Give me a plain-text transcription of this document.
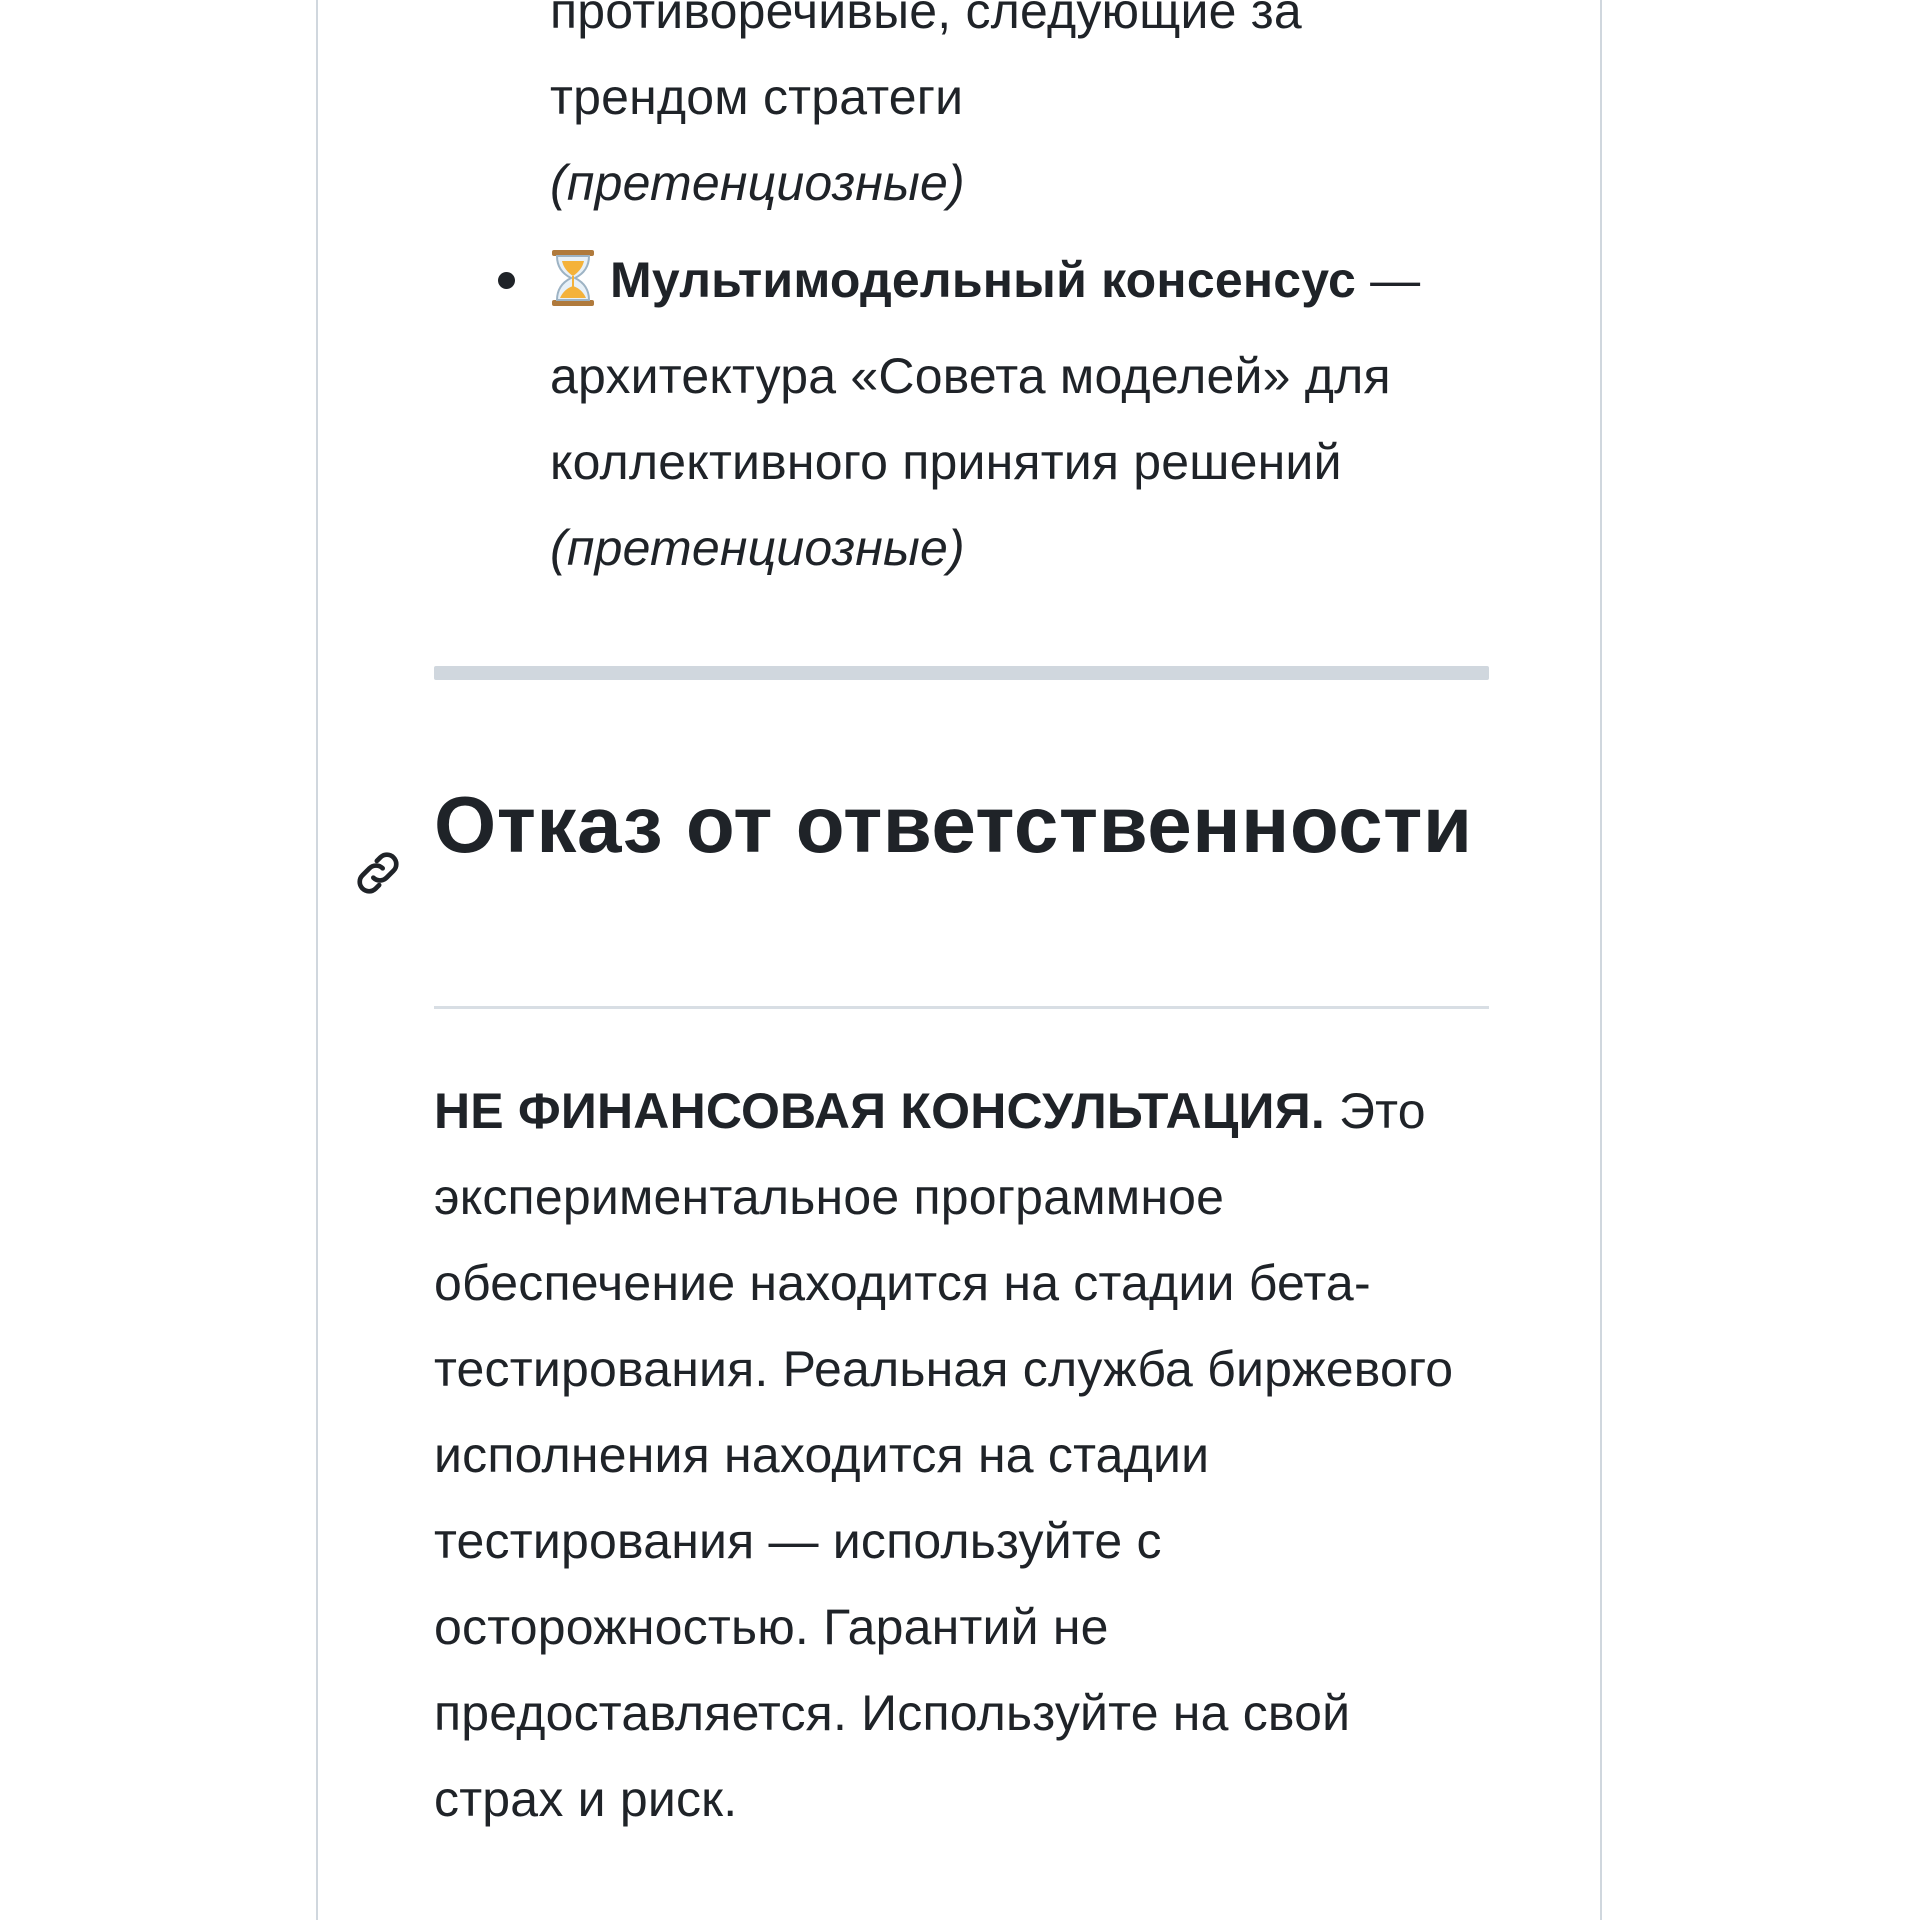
противоречивые, следующие за
трендом стратеги
(претенциозные)
Мультимодельный консенсус — архитектура «Совета моделей» для коллективного принятия решений (претенциозные)
Отказ от ответственности
НЕ ФИНАНСОВАЯ КОНСУЛЬТАЦИЯ. Это экспериментальное программное обеспечение находится на стадии бета-тестирования. Реальная служба биржевого исполнения находится на стадии тестирования — используйте с осторожностью. Гарантий не предоставляется. Используйте на свой страх и риск.
